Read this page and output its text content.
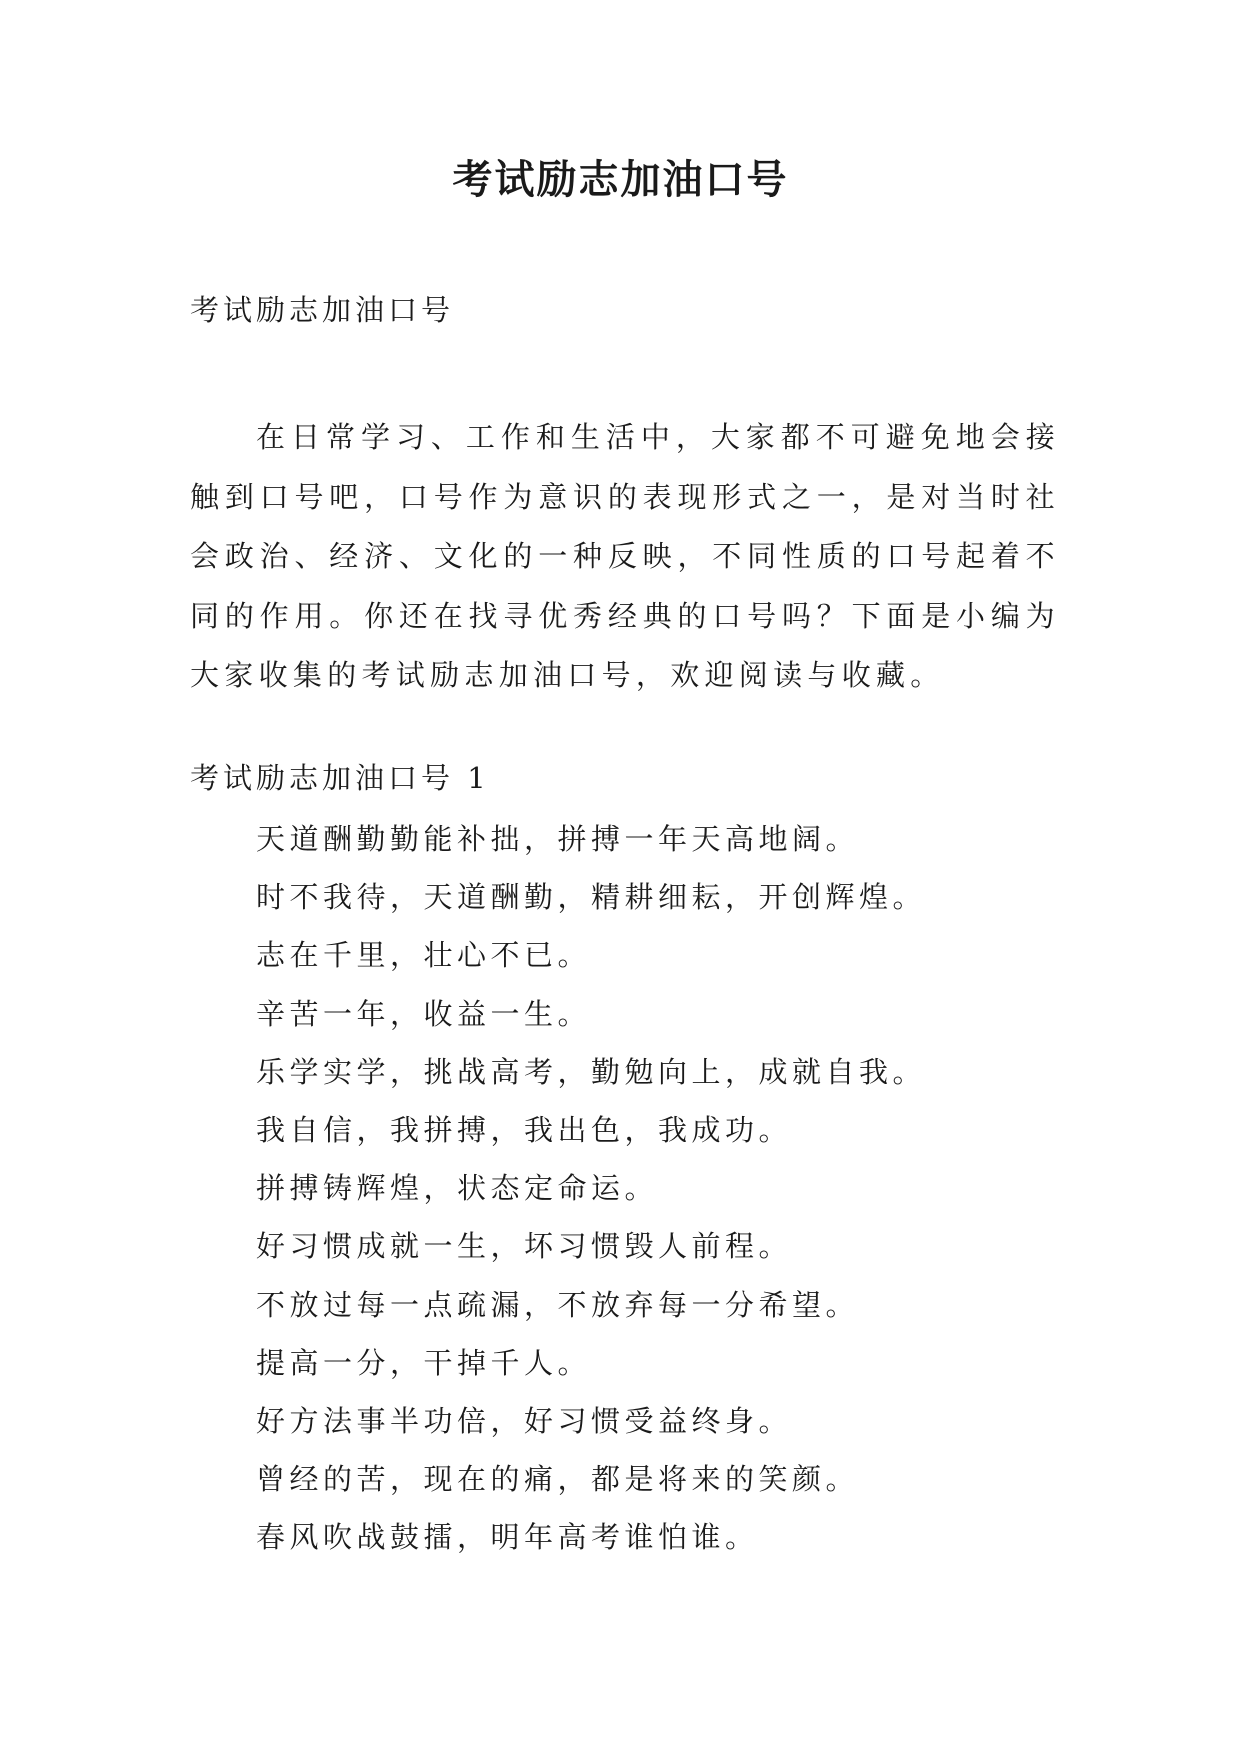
考试励志加油口号

考试励志加油口号

在日常学习、工作和生活中，大家都不可避免地会接触到口号吧，口号作为意识的表现形式之一，是对当时社会政治、经济、文化的一种反映，不同性质的口号起着不同的作用。你还在找寻优秀经典的口号吗？下面是小编为大家收集的考试励志加油口号，欢迎阅读与收藏。

考试励志加油口号 1

天道酬勤勤能补拙，拼搏一年天高地阔。
时不我待，天道酬勤，精耕细耘，开创辉煌。
志在千里，壮心不已。
辛苦一年，收益一生。
乐学实学，挑战高考，勤勉向上，成就自我。
我自信，我拼搏，我出色，我成功。
拼搏铸辉煌，状态定命运。
好习惯成就一生，坏习惯毁人前程。
不放过每一点疏漏，不放弃每一分希望。
提高一分，干掉千人。
好方法事半功倍，好习惯受益终身。
曾经的苦，现在的痛，都是将来的笑颜。
春风吹战鼓擂，明年高考谁怕谁。
